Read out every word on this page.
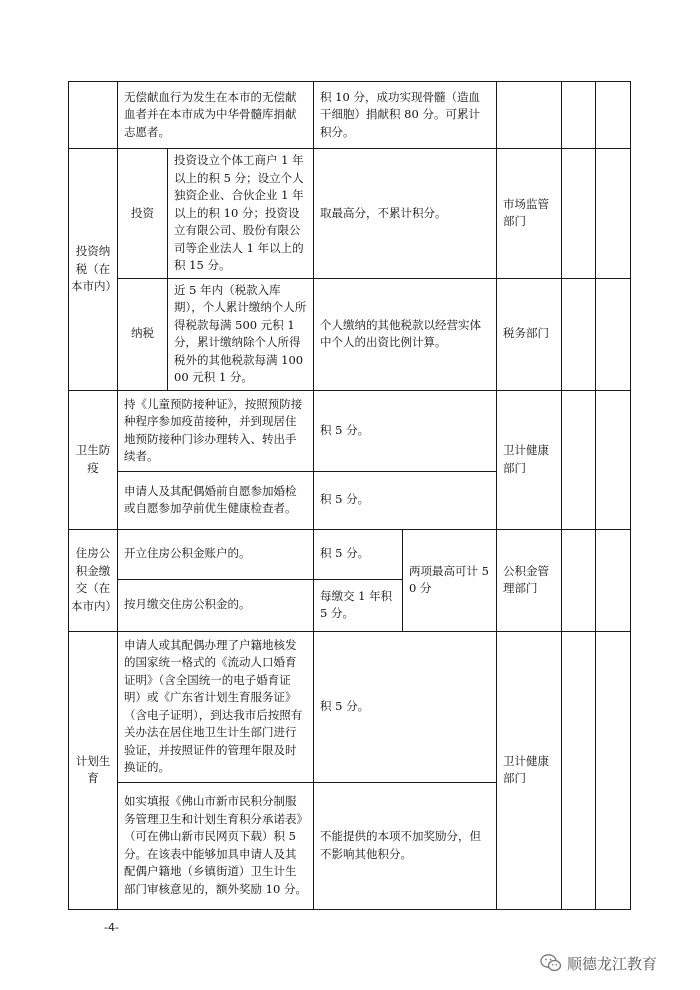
	无偿献血行为发生在本市的无偿献血者并在本市成为中华骨髓库捐献志愿者。		积 10 分，成功实现骨髓（造血干细胞）捐献积 80 分。可累计积分。				
投资纳税（在本市内）	投资	投资设立个体工商户 1 年以上的积 5 分；设立个人独资企业、合伙企业 1 年以上的积 10 分；投资设立有限公司、股份有限公司等企业法人 1 年以上的积 15 分。	取最高分，不累计积分。		市场监管部门		
	纳税	近 5 年内（税款入库期），个人累计缴纳个人所得税款每满 500 元积 1 分，累计缴纳除个人所得税外的其他税款每满 10000 元积 1 分。	个人缴纳的其他税款以经营实体中个人的出资比例计算。		税务部门		
卫生防疫	持《儿童预防接种证》，按照预防接种程序参加疫苗接种，并到现居住地预防接种门诊办理转入、转出手续者。		积 5 分。		卫计健康部门		
	申请人及其配偶婚前自愿参加婚检或自愿参加孕前优生健康检查者。		积 5 分。				
住房公积金缴交（在本市内）	开立住房公积金账户的。		积 5 分。	两项最高可计 50 分	公积金管理部门		
	按月缴交住房公积金的。		每缴交 1 年积 5 分。				
计划生育	申请人或其配偶办理了户籍地核发的国家统一格式的《流动人口婚育证明》（含全国统一的电子婚育证明）或《广东省计划生育服务证》（含电子证明），到达我市后按照有关办法在居住地卫生计生部门进行验证，并按照证件的管理年限及时换证的。		积 5 分。		卫计健康部门		
	如实填报《佛山市新市民积分制服务管理卫生和计划生育积分承诺表》（可在佛山新市民网页下载）积 5 分。在该表中能够加具申请人及其配偶户籍地（乡镇街道）卫生计生部门审核意见的，额外奖励 10 分。		不能提供的本项不加奖励分，但不影响其他积分。				
-4-
顺德龙江教育
